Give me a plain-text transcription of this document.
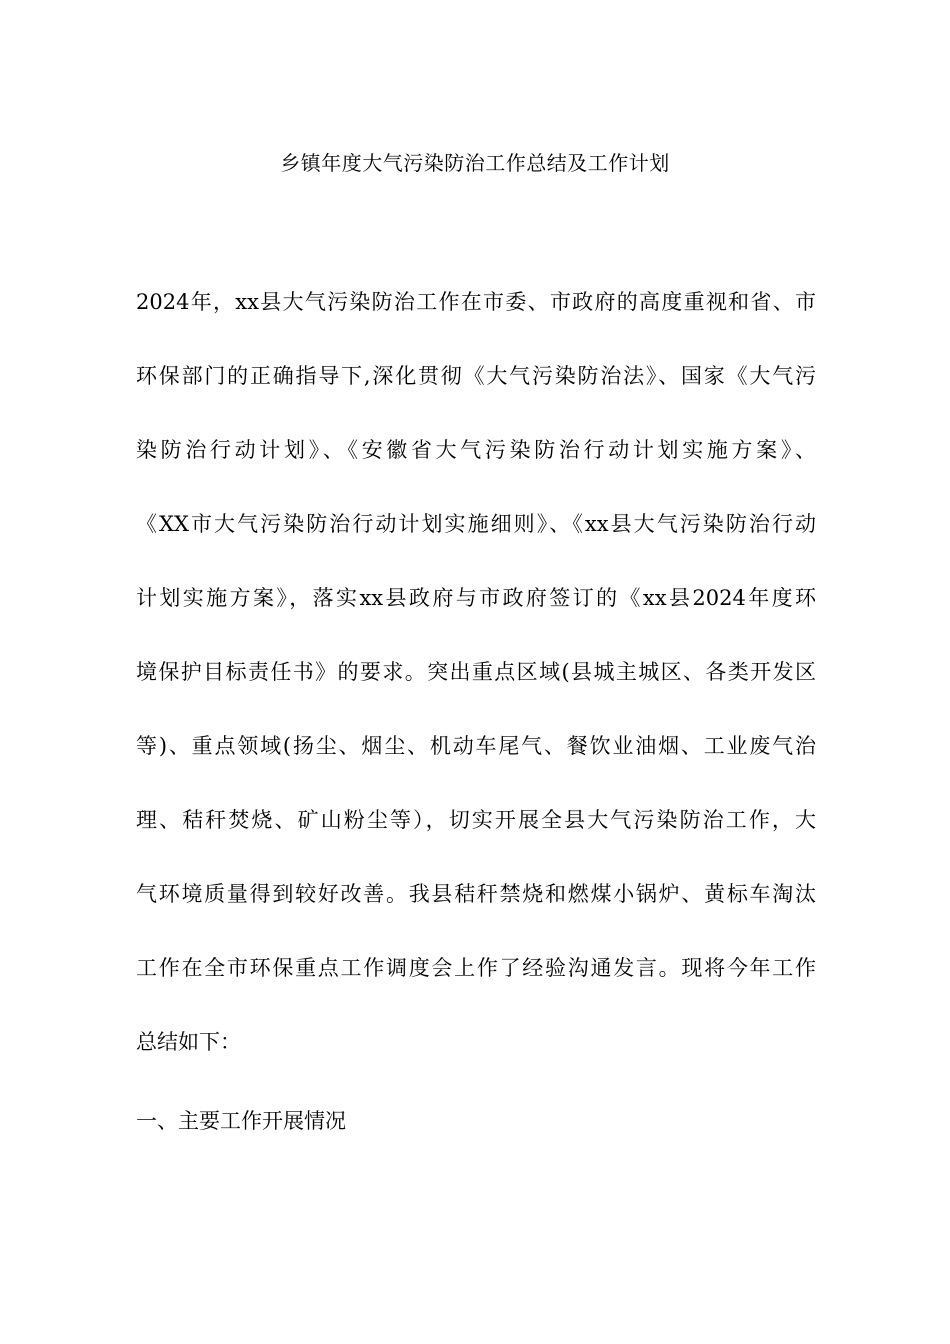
乡镇年度大气污染防治工作总结及工作计划
2024年，xx县大气污染防治工作在市委、市政府的高度重视和省、市
环保部门的正确指导下,深化贯彻《大气污染防治法》、国家《大气污
染防治行动计划》、《安徽省大气污染防治行动计划实施方案》、
《XX市大气污染防治行动计划实施细则》、《xx县大气污染防治行动
计划实施方案》，落实xx县政府与市政府签订的《xx县2024年度环
境保护目标责任书》的要求。突出重点区域(县城主城区、各类开发区
等)、重点领域(扬尘、烟尘、机动车尾气、餐饮业油烟、工业废气治
理、秸秆焚烧、矿山粉尘等），切实开展全县大气污染防治工作，大
气环境质量得到较好改善。我县秸秆禁烧和燃煤小锅炉、黄标车淘汰
工作在全市环保重点工作调度会上作了经验沟通发言。现将今年工作
总结如下：
一、主要工作开展情况
